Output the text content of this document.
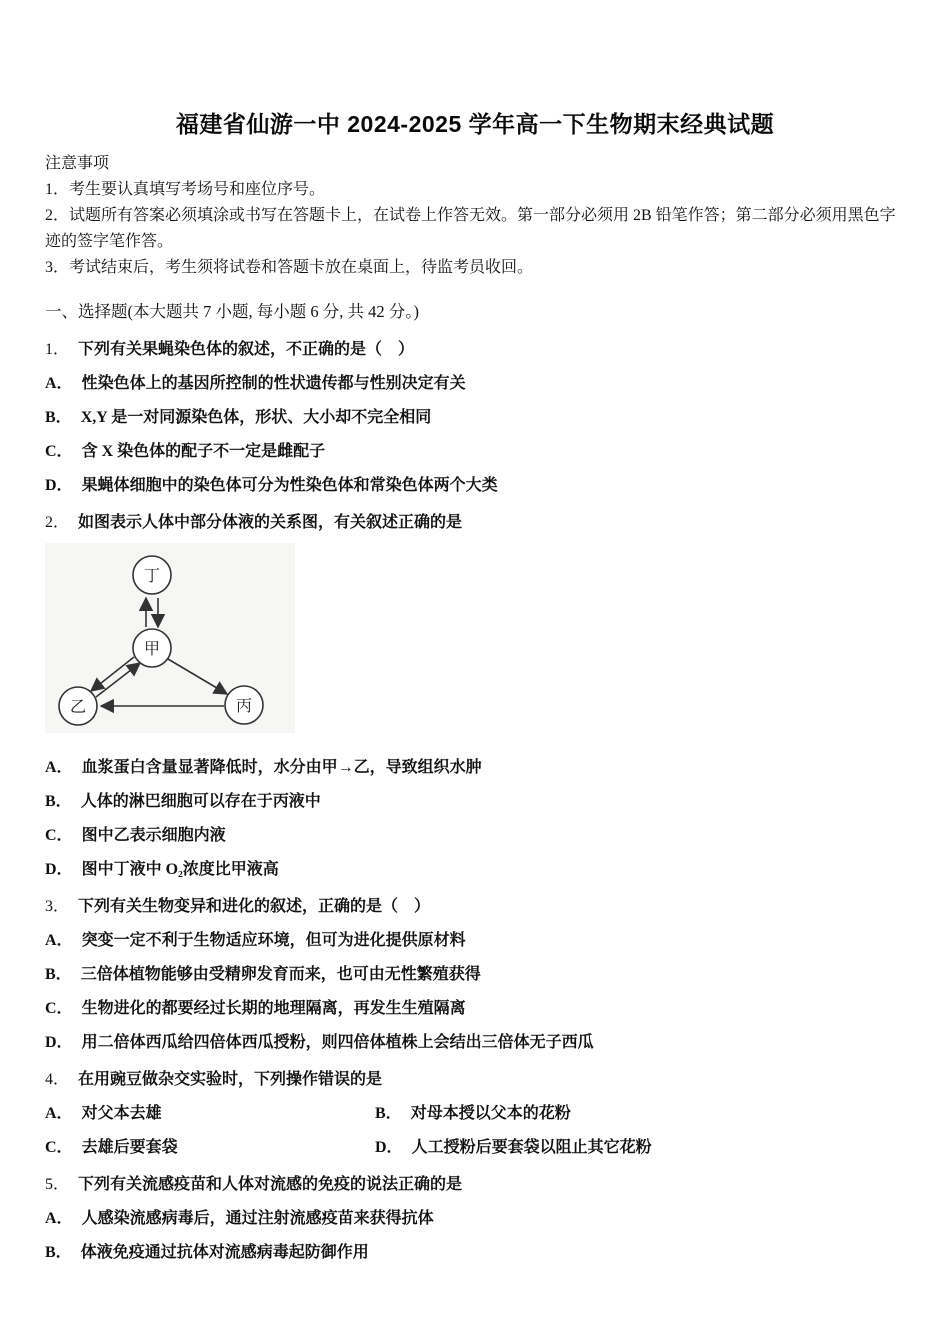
福建省仙游一中 2024-2025 学年高一下生物期末经典试题
注意事项
1．考生要认真填写考场号和座位序号。
2．试题所有答案必须填涂或书写在答题卡上，在试卷上作答无效。第一部分必须用 2B 铅笔作答；第二部分必须用黑色字迹的签字笔作答。
3．考试结束后，考生须将试卷和答题卡放在桌面上，待监考员收回。
一、选择题(本大题共 7 小题, 每小题 6 分, 共 42 分。)
1． 下列有关果蝇染色体的叙述，不正确的是（　）
A． 性染色体上的基因所控制的性状遗传都与性别决定有关
B． X,Y 是一对同源染色体，形状、大小却不完全相同
C． 含 X 染色体的配子不一定是雌配子
D． 果蝇体细胞中的染色体可分为性染色体和常染色体两个大类
2． 如图表示人体中部分体液的关系图，有关叙述正确的是
丁
甲
乙	丙
A． 血浆蛋白含量显著降低时，水分由甲→乙，导致组织水肿
B． 人体的淋巴细胞可以存在于丙液中
C． 图中乙表示细胞内液
D． 图中丁液中 O₂浓度比甲液高
3． 下列有关生物变异和进化的叙述，正确的是（　）
A． 突变一定不利于生物适应环境，但可为进化提供原材料
B． 三倍体植物能够由受精卵发育而来，也可由无性繁殖获得
C． 生物进化的都要经过长期的地理隔离，再发生生殖隔离
D． 用二倍体西瓜给四倍体西瓜授粉，则四倍体植株上会结出三倍体无子西瓜
4． 在用豌豆做杂交实验时，下列操作错误的是
A． 对父本去雄	B． 对母本授以父本的花粉
C． 去雄后要套袋	D． 人工授粉后要套袋以阻止其它花粉
5． 下列有关流感疫苗和人体对流感的免疫的说法正确的是
A． 人感染流感病毒后，通过注射流感疫苗来获得抗体
B． 体液免疫通过抗体对流感病毒起防御作用
